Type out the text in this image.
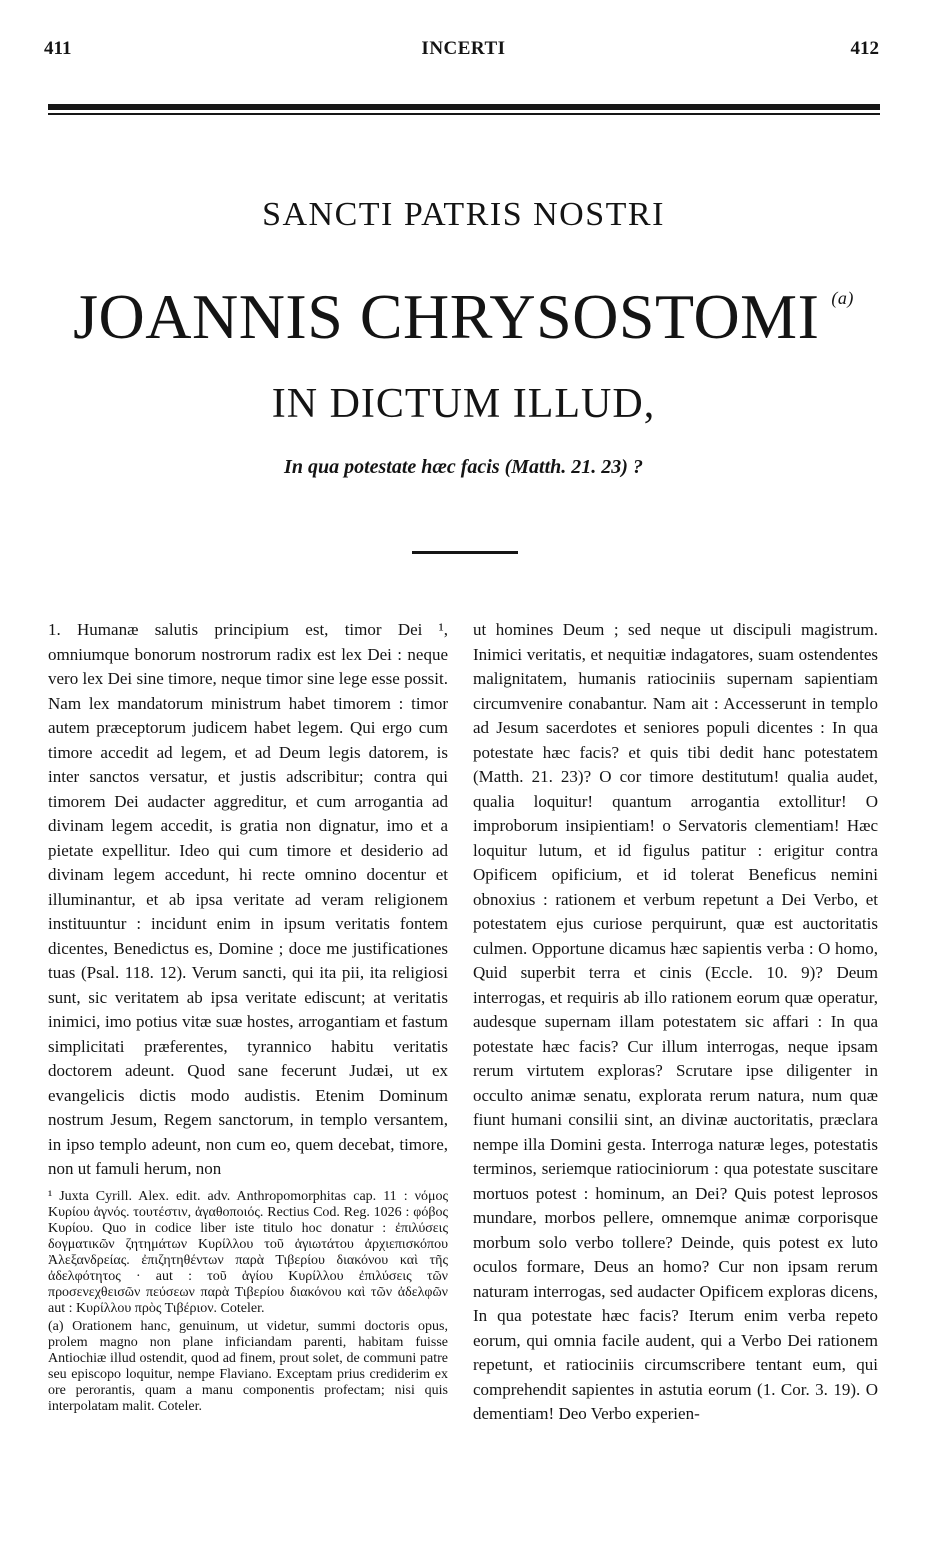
411	INCERTI	412
SANCTI PATRIS NOSTRI
JOANNIS CHRYSOSTOMI $^{(a)}$
IN DICTUM ILLUD,
In qua potestate hæc facis (Matth. 21. 23) ?

1. Humanæ salutis principium est, timor Dei ¹, omniumque bonorum nostrorum radix est lex Dei : neque vero lex Dei sine timore, neque timor sine lege esse possit. Nam lex mandatorum ministrum habet timorem : timor autem præceptorum judicem habet legem. Qui ergo cum timore accedit ad legem, et ad Deum legis datorem, is inter sanctos versatur, et justis adscribitur; contra qui timorem Dei audacter aggreditur, et cum arrogantia ad divinam legem accedit, is gratia non dignatur, imo et a pietate expellitur. Ideo qui cum timore et desiderio ad divinam legem accedunt, hi recte omnino docentur et illuminantur, et ab ipsa veritate ad veram religionem instituuntur : incidunt enim in ipsum veritatis fontem dicentes, Benedictus es, Domine ; doce me justificationes tuas (Psal. 118. 12). Verum sancti, qui ita pii, ita religiosi sunt, sic veritatem ab ipsa veritate ediscunt; at veritatis inimici, imo potius vitæ suæ hostes, arrogantiam et fastum simplicitati præferentes, tyrannico habitu veritatis doctorem adeunt. Quod sane fecerunt Judæi, ut ex evangelicis dictis modo audistis. Etenim Dominum nostrum Jesum, Regem sanctorum, in templo versantem, in ipso templo adeunt, non cum eo, quem decebat, timore, non ut famuli herum, non

¹ Juxta Cyrill. Alex. edit. adv. Anthropomorphitas cap. 11 : νόμος Κυρίου ἁγνός. τουτέστιν, ἀγαθοποιός. Rectius Cod. Reg. 1026 : φόβος Κυρίου. Quo in codice liber iste titulo hoc donatur : ἐπιλύσεις δογματικῶν ζητημάτων Κυρίλλου τοῦ ἁγιωτάτου ἀρχιεπισκόπου Ἀλεξανδρείας. ἐπιζητηθέντων παρὰ Τιβερίου διακόνου καὶ τῆς ἀδελφότητος · aut : τοῦ ἁγίου Κυρίλλου ἐπιλύσεις τῶν προσενεχθεισῶν πεύσεων παρὰ Τιβερίου διακόνου καὶ τῶν ἀδελφῶν aut : Κυρίλλου πρὸς Τιβέριον. Coteler.

(a) Orationem hanc, genuinum, ut videtur, summi doctoris opus, prolem magno non plane inficiandam parenti, habitam fuisse Antiochiæ illud ostendit, quod ad finem, prout solet, de communi patre seu episcopo loquitur, nempe Flaviano. Exceptam prius crediderim ex ore perorantis, quam a manu componentis profectam; nisi quis interpolatam malit. Coteler.

ut homines Deum ; sed neque ut discipuli magistrum. Inimici veritatis, et nequitiæ indagatores, suam ostendentes malignitatem, humanis ratiociniis supernam sapientiam circumvenire conabantur. Nam ait : Accesserunt in templo ad Jesum sacerdotes et seniores populi dicentes : In qua potestate hæc facis? et quis tibi dedit hanc potestatem (Matth. 21. 23)? O cor timore destitutum! qualia audet, qualia loquitur! quantum arrogantia extollitur! O improborum insipientiam! o Servatoris clementiam! Hæc loquitur lutum, et id figulus patitur : erigitur contra Opificem opificium, et id tolerat Beneficus nemini obnoxius : rationem et verbum repetunt a Dei Verbo, et potestatem ejus curiose perquirunt, quæ est auctoritatis culmen. Opportune dicamus hæc sapientis verba : O homo, Quid superbit terra et cinis (Eccle. 10. 9)? Deum interrogas, et requiris ab illo rationem eorum quæ operatur, audesque supernam illam potestatem sic affari : In qua potestate hæc facis? Cur illum interrogas, neque ipsam rerum virtutem exploras? Scrutare ipse diligenter in occulto animæ senatu, explorata rerum natura, num quæ fiunt humani consilii sint, an divinæ auctoritatis, præclara nempe illa Domini gesta. Interroga naturæ leges, potestatis terminos, seriemque ratiociniorum : qua potestate suscitare mortuos potest : hominum, an Dei? Quis potest leprosos mundare, morbos pellere, omnemque animæ corporisque morbum solo verbo tollere? Deinde, quis potest ex luto oculos formare, Deus an homo? Cur non ipsam rerum naturam interrogas, sed audacter Opificem exploras dicens, In qua potestate hæc facis? Iterum enim verba repeto eorum, qui omnia facile audent, qui a Verbo Dei rationem repetunt, et ratiociniis circumscribere tentant eum, qui comprehendit sapientes in astutia eorum (1. Cor. 3. 19). O dementiam! Deo Verbo experien-
